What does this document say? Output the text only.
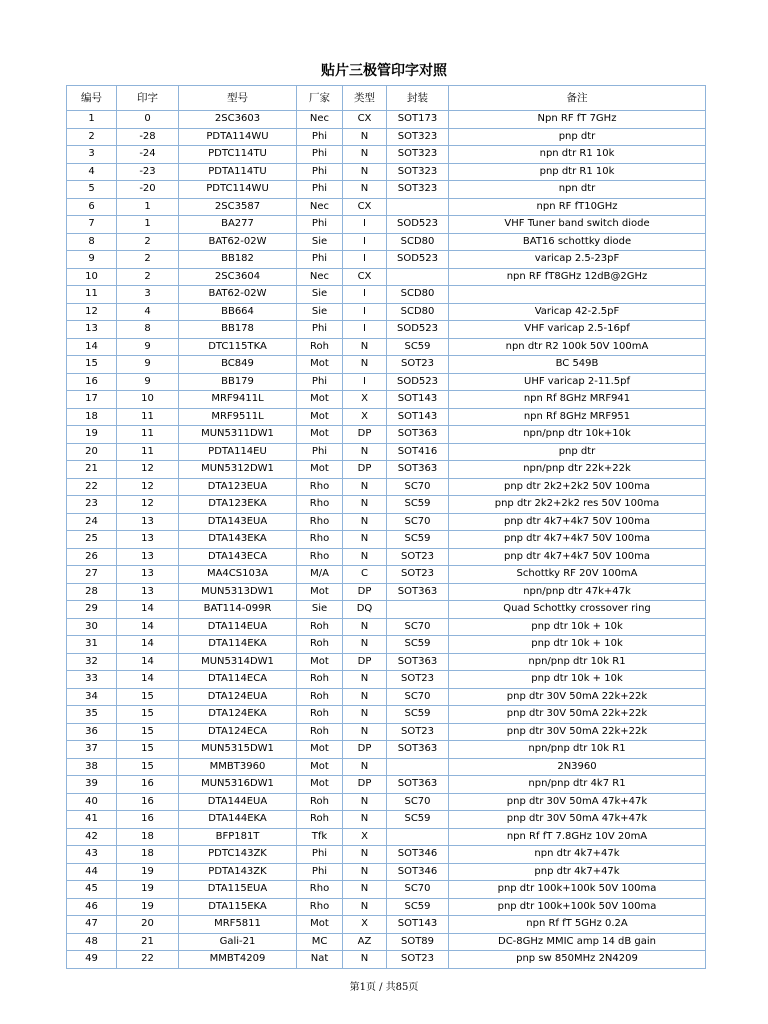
贴片三极管印字对照
编号	印字	型号	厂家	类型	封装	备注
1	0	2SC3603	Nec	CX	SOT173	Npn RF fT 7GHz
2	-28	PDTA114WU	Phi	N	SOT323	pnp dtr
3	-24	PDTC114TU	Phi	N	SOT323	npn dtr R1 10k
4	-23	PDTA114TU	Phi	N	SOT323	pnp dtr R1 10k
5	-20	PDTC114WU	Phi	N	SOT323	npn dtr
6	1	2SC3587	Nec	CX		npn RF fT10GHz
7	1	BA277	Phi	I	SOD523	VHF Tuner band switch diode
8	2	BAT62-02W	Sie	I	SCD80	BAT16 schottky diode
9	2	BB182	Phi	I	SOD523	varicap 2.5-23pF
10	2	2SC3604	Nec	CX		npn RF fT8GHz 12dB@2GHz
11	3	BAT62-02W	Sie	I	SCD80	
12	4	BB664	Sie	I	SCD80	Varicap 42-2.5pF
13	8	BB178	Phi	I	SOD523	VHF varicap 2.5-16pf
14	9	DTC115TKA	Roh	N	SC59	npn dtr R2 100k 50V 100mA
15	9	BC849	Mot	N	SOT23	BC 549B
16	9	BB179	Phi	I	SOD523	UHF varicap 2-11.5pf
17	10	MRF9411L	Mot	X	SOT143	npn Rf 8GHz MRF941
18	11	MRF9511L	Mot	X	SOT143	npn Rf 8GHz MRF951
19	11	MUN5311DW1	Mot	DP	SOT363	npn/pnp dtr 10k+10k
20	11	PDTA114EU	Phi	N	SOT416	pnp dtr
21	12	MUN5312DW1	Mot	DP	SOT363	npn/pnp dtr 22k+22k
22	12	DTA123EUA	Rho	N	SC70	pnp dtr 2k2+2k2 50V 100ma
23	12	DTA123EKA	Rho	N	SC59	pnp dtr 2k2+2k2 res 50V 100ma
24	13	DTA143EUA	Rho	N	SC70	pnp dtr 4k7+4k7 50V 100ma
25	13	DTA143EKA	Rho	N	SC59	pnp dtr 4k7+4k7 50V 100ma
26	13	DTA143ECA	Rho	N	SOT23	pnp dtr 4k7+4k7 50V 100ma
27	13	MA4CS103A	M/A	C	SOT23	Schottky RF 20V 100mA
28	13	MUN5313DW1	Mot	DP	SOT363	npn/pnp dtr 47k+47k
29	14	BAT114-099R	Sie	DQ		Quad Schottky crossover ring
30	14	DTA114EUA	Roh	N	SC70	pnp dtr 10k + 10k
31	14	DTA114EKA	Roh	N	SC59	pnp dtr 10k + 10k
32	14	MUN5314DW1	Mot	DP	SOT363	npn/pnp dtr 10k R1
33	14	DTA114ECA	Roh	N	SOT23	pnp dtr 10k + 10k
34	15	DTA124EUA	Roh	N	SC70	pnp dtr 30V 50mA 22k+22k
35	15	DTA124EKA	Roh	N	SC59	pnp dtr 30V 50mA 22k+22k
36	15	DTA124ECA	Roh	N	SOT23	pnp dtr 30V 50mA 22k+22k
37	15	MUN5315DW1	Mot	DP	SOT363	npn/pnp dtr 10k R1
38	15	MMBT3960	Mot	N		2N3960
39	16	MUN5316DW1	Mot	DP	SOT363	npn/pnp dtr 4k7 R1
40	16	DTA144EUA	Roh	N	SC70	pnp dtr 30V 50mA 47k+47k
41	16	DTA144EKA	Roh	N	SC59	pnp dtr 30V 50mA 47k+47k
42	18	BFP181T	Tfk	X		npn Rf fT 7.8GHz 10V 20mA
43	18	PDTC143ZK	Phi	N	SOT346	npn dtr 4k7+47k
44	19	PDTA143ZK	Phi	N	SOT346	pnp dtr 4k7+47k
45	19	DTA115EUA	Rho	N	SC70	pnp dtr 100k+100k 50V 100ma
46	19	DTA115EKA	Rho	N	SC59	pnp dtr 100k+100k 50V 100ma
47	20	MRF5811	Mot	X	SOT143	npn Rf fT 5GHz 0.2A
48	21	Gali-21	MC	AZ	SOT89	DC-8GHz MMIC amp 14 dB gain
49	22	MMBT4209	Nat	N	SOT23	pnp sw 850MHz 2N4209
第1页 / 共85页
